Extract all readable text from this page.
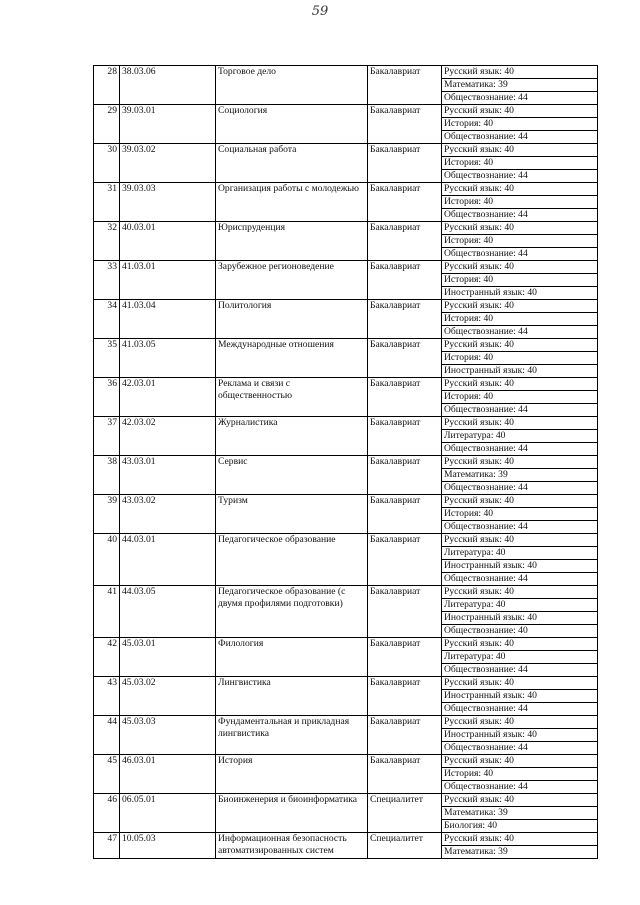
59
28	38.03.06	Торговое дело	Бакалавриат	Русский язык: 40
				Математика: 39
				Обществознание: 44
29	39.03.01	Социология	Бакалавриат	Русский язык: 40
				История: 40
				Обществознание: 44
30	39.03.02	Социальная работа	Бакалавриат	Русский язык: 40
				История: 40
				Обществознание: 44
31	39.03.03	Организация работы с молодежью	Бакалавриат	Русский язык: 40
				История: 40
				Обществознание: 44
32	40.03.01	Юриспруденция	Бакалавриат	Русский язык: 40
				История: 40
				Обществознание: 44
33	41.03.01	Зарубежное регионоведение	Бакалавриат	Русский язык: 40
				История: 40
				Иностранный язык: 40
34	41.03.04	Политология	Бакалавриат	Русский язык: 40
				История: 40
				Обществознание: 44
35	41.03.05	Международные отношения	Бакалавриат	Русский язык: 40
				История: 40
				Иностранный язык: 40
36	42.03.01	Реклама и связи с общественностью	Бакалавриат	Русский язык: 40
				История: 40
				Обществознание: 44
37	42.03.02	Журналистика	Бакалавриат	Русский язык: 40
				Литература: 40
				Обществознание: 44
38	43.03.01	Сервис	Бакалавриат	Русский язык: 40
				Математика: 39
				Обществознание: 44
39	43.03.02	Туризм	Бакалавриат	Русский язык: 40
				История: 40
				Обществознание: 44
40	44.03.01	Педагогическое образование	Бакалавриат	Русский язык: 40
				Литература: 40
				Иностранный язык: 40
				Обществознание: 44
41	44.03.05	Педагогическое образование (с двумя профилями подготовки)	Бакалавриат	Русский язык: 40
				Литература: 40
				Иностранный язык: 40
				Обществознание: 40
42	45.03.01	Филология	Бакалавриат	Русский язык: 40
				Литература: 40
				Обществознание: 44
43	45.03.02	Лингвистика	Бакалавриат	Русский язык: 40
				Иностранный язык: 40
				Обществознание: 44
44	45.03.03	Фундаментальная и прикладная лингвистика	Бакалавриат	Русский язык: 40
				Иностранный язык: 40
				Обществознание: 44
45	46.03.01	История	Бакалавриат	Русский язык: 40
				История: 40
				Обществознание: 44
46	06.05.01	Биоинженерия и биоинформатика	Специалитет	Русский язык: 40
				Математика: 39
				Биология: 40
47	10.05.03	Информационная безопасность автоматизированных систем	Специалитет	Русский язык: 40
				Математика: 39
